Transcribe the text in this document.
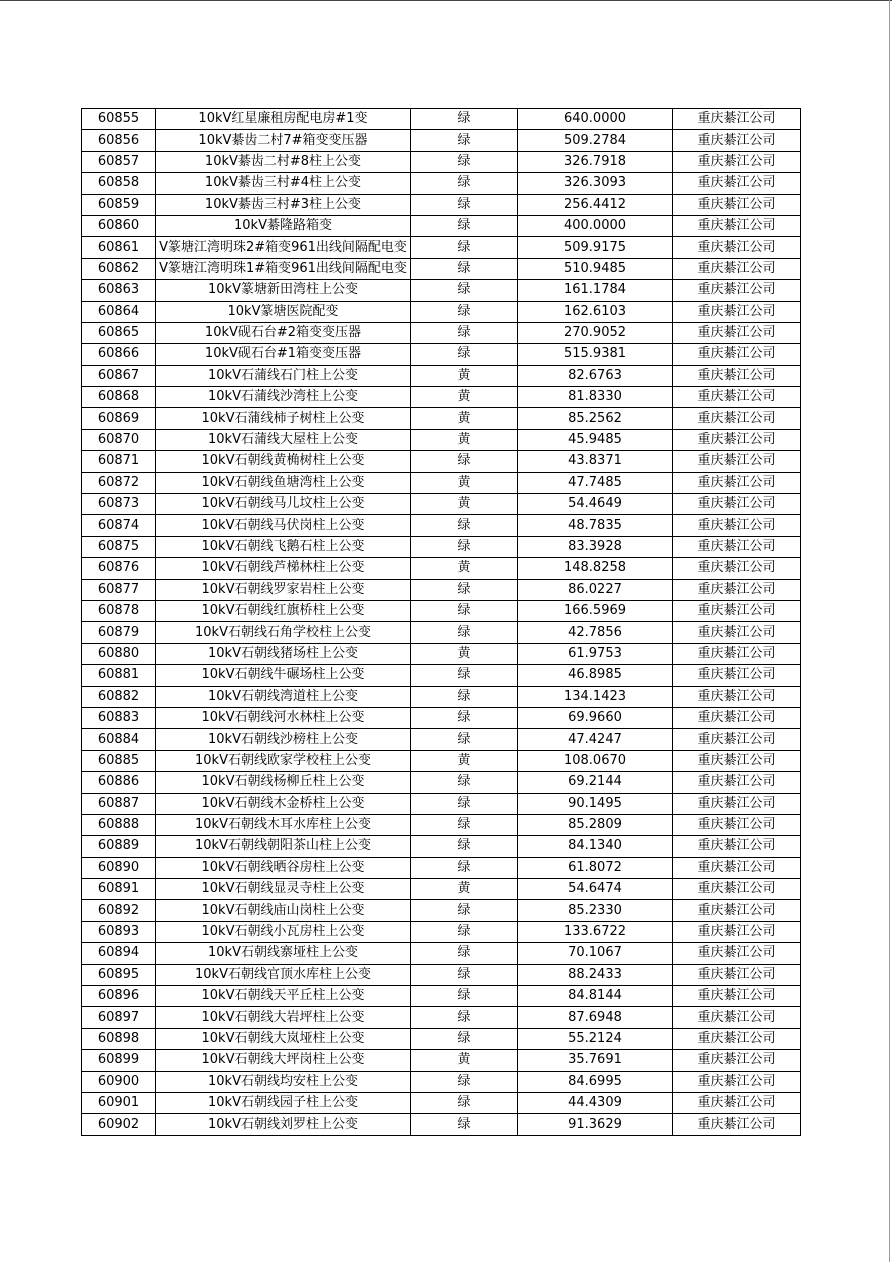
60855	10kV红星廉租房配电房#1变	绿	640.0000	重庆綦江公司
60856	10kV綦齿二村7#箱变变压器	绿	509.2784	重庆綦江公司
60857	10kV綦齿二村#8柱上公变	绿	326.7918	重庆綦江公司
60858	10kV綦齿三村#4柱上公变	绿	326.3093	重庆綦江公司
60859	10kV綦齿三村#3柱上公变	绿	256.4412	重庆綦江公司
60860	10kV綦隆路箱变	绿	400.0000	重庆綦江公司
60861	V篆塘江湾明珠2#箱变961出线间隔配电变	绿	509.9175	重庆綦江公司
60862	V篆塘江湾明珠1#箱变961出线间隔配电变	绿	510.9485	重庆綦江公司
60863	10kV篆塘新田湾柱上公变	绿	161.1784	重庆綦江公司
60864	10kV篆塘医院配变	绿	162.6103	重庆綦江公司
60865	10kV砚石台#2箱变变压器	绿	270.9052	重庆綦江公司
60866	10kV砚石台#1箱变变压器	绿	515.9381	重庆綦江公司
60867	10kV石蒲线石门柱上公变	黄	82.6763	重庆綦江公司
60868	10kV石蒲线沙湾柱上公变	黄	81.8330	重庆綦江公司
60869	10kV石蒲线柿子树柱上公变	黄	85.2562	重庆綦江公司
60870	10kV石蒲线大屋柱上公变	黄	45.9485	重庆綦江公司
60871	10kV石朝线黄桷树柱上公变	绿	43.8371	重庆綦江公司
60872	10kV石朝线鱼塘湾柱上公变	黄	47.7485	重庆綦江公司
60873	10kV石朝线马儿坟柱上公变	黄	54.4649	重庆綦江公司
60874	10kV石朝线马伏岗柱上公变	绿	48.7835	重庆綦江公司
60875	10kV石朝线飞鹅石柱上公变	绿	83.3928	重庆綦江公司
60876	10kV石朝线芦梯林柱上公变	黄	148.8258	重庆綦江公司
60877	10kV石朝线罗家岩柱上公变	绿	86.0227	重庆綦江公司
60878	10kV石朝线红旗桥柱上公变	绿	166.5969	重庆綦江公司
60879	10kV石朝线石角学校柱上公变	绿	42.7856	重庆綦江公司
60880	10kV石朝线猪场柱上公变	黄	61.9753	重庆綦江公司
60881	10kV石朝线牛碾场柱上公变	绿	46.8985	重庆綦江公司
60882	10kV石朝线湾道柱上公变	绿	134.1423	重庆綦江公司
60883	10kV石朝线河水林柱上公变	绿	69.9660	重庆綦江公司
60884	10kV石朝线沙榜柱上公变	绿	47.4247	重庆綦江公司
60885	10kV石朝线欧家学校柱上公变	黄	108.0670	重庆綦江公司
60886	10kV石朝线杨柳丘柱上公变	绿	69.2144	重庆綦江公司
60887	10kV石朝线木金桥柱上公变	绿	90.1495	重庆綦江公司
60888	10kV石朝线木耳水库柱上公变	绿	85.2809	重庆綦江公司
60889	10kV石朝线朝阳茶山柱上公变	绿	84.1340	重庆綦江公司
60890	10kV石朝线晒谷房柱上公变	绿	61.8072	重庆綦江公司
60891	10kV石朝线显灵寺柱上公变	黄	54.6474	重庆綦江公司
60892	10kV石朝线庙山岗柱上公变	绿	85.2330	重庆綦江公司
60893	10kV石朝线小瓦房柱上公变	绿	133.6722	重庆綦江公司
60894	10kV石朝线寨垭柱上公变	绿	70.1067	重庆綦江公司
60895	10kV石朝线官顶水库柱上公变	绿	88.2433	重庆綦江公司
60896	10kV石朝线天平丘柱上公变	绿	84.8144	重庆綦江公司
60897	10kV石朝线大岩坪柱上公变	绿	87.6948	重庆綦江公司
60898	10kV石朝线大岚垭柱上公变	绿	55.2124	重庆綦江公司
60899	10kV石朝线大坪岗柱上公变	黄	35.7691	重庆綦江公司
60900	10kV石朝线均安柱上公变	绿	84.6995	重庆綦江公司
60901	10kV石朝线园子柱上公变	绿	44.4309	重庆綦江公司
60902	10kV石朝线刘罗柱上公变	绿	91.3629	重庆綦江公司
